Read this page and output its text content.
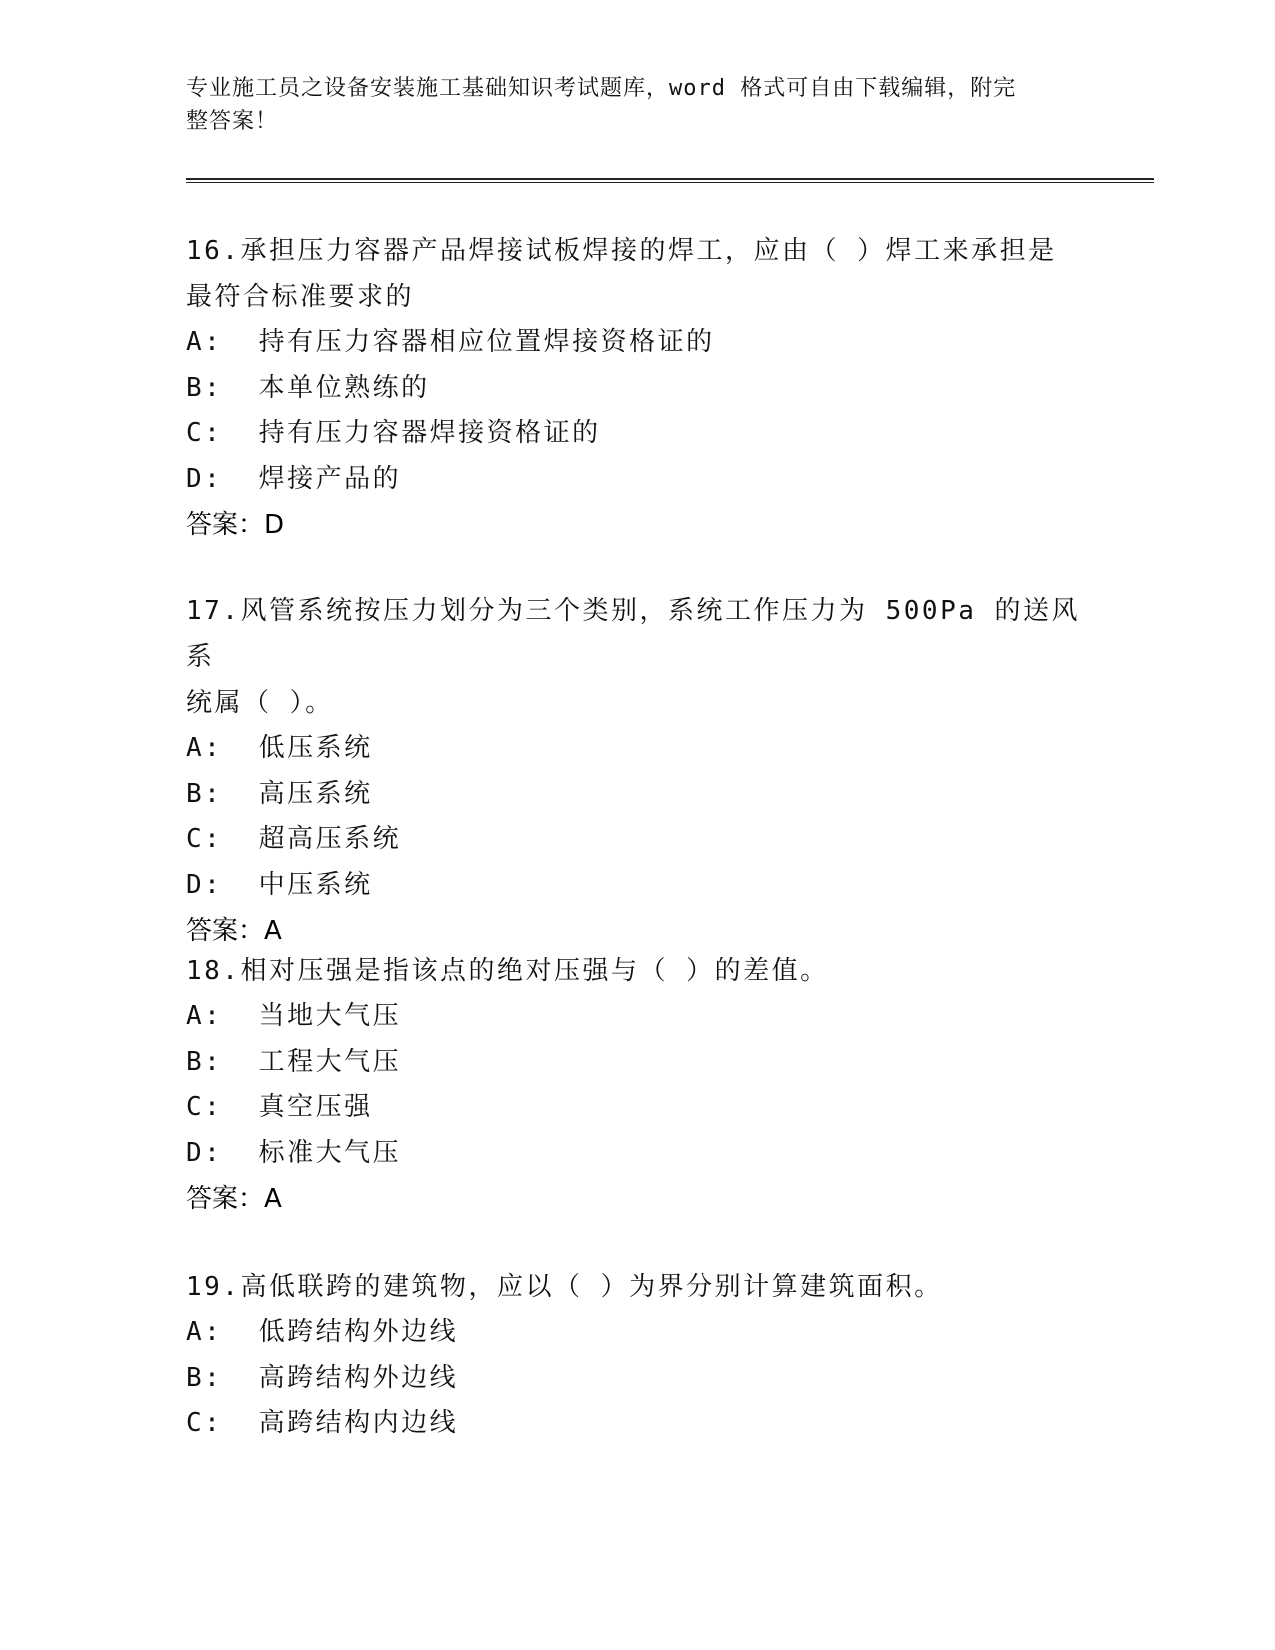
专业施工员之设备安装施工基础知识考试题库，word 格式可自由下载编辑，附完
整答案！

16.承担压力容器产品焊接试板焊接的焊工，应由（ ）焊工来承担是

最符合标准要求的

A:  持有压力容器相应位置焊接资格证的

B:  本单位熟练的

C:  持有压力容器焊接资格证的

D:  焊接产品的

答案：D

17.风管系统按压力划分为三个类别，系统工作压力为 500Pa 的送风系

统属（ ）。

A:  低压系统

B:  高压系统

C:  超高压系统

D:  中压系统

答案：A

18.相对压强是指该点的绝对压强与（ ）的差值。

A:  当地大气压

B:  工程大气压

C:  真空压强

D:  标准大气压

答案：A

19.高低联跨的建筑物，应以（ ）为界分别计算建筑面积。

A:  低跨结构外边线

B:  高跨结构外边线

C:  高跨结构内边线
